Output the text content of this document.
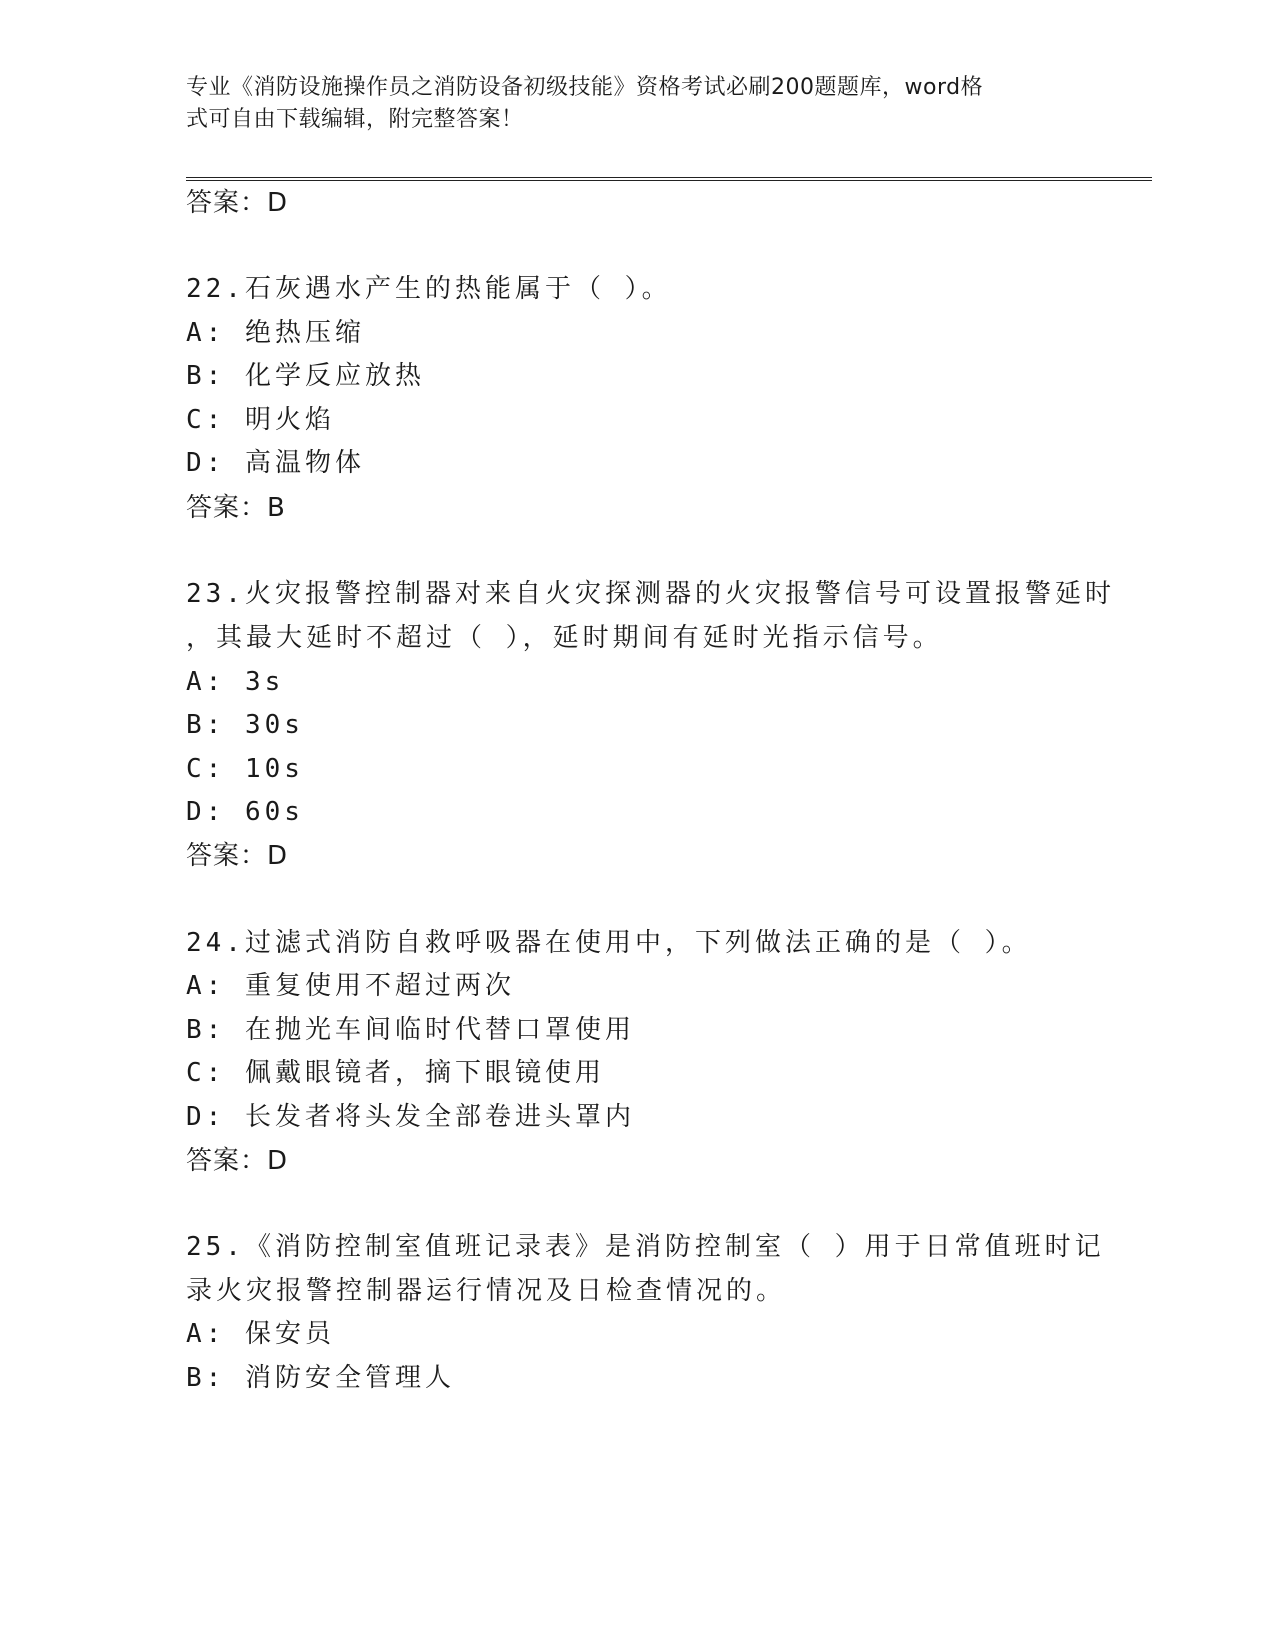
专业《消防设施操作员之消防设备初级技能》资格考试必刷200题题库，word格
式可自由下载编辑，附完整答案！
答案：D
22.石灰遇水产生的热能属于（ ）。
A: 绝热压缩
B: 化学反应放热
C: 明火焰
D: 高温物体
答案：B
23.火灾报警控制器对来自火灾探测器的火灾报警信号可设置报警延时
，其最大延时不超过（ ），延时期间有延时光指示信号。
A: 3s
B: 30s
C: 10s
D: 60s
答案：D
24.过滤式消防自救呼吸器在使用中，下列做法正确的是（ ）。
A: 重复使用不超过两次
B: 在抛光车间临时代替口罩使用
C: 佩戴眼镜者，摘下眼镜使用
D: 长发者将头发全部卷进头罩内
答案：D
25.《消防控制室值班记录表》是消防控制室（ ）用于日常值班时记
录火灾报警控制器运行情况及日检查情况的。
A: 保安员
B: 消防安全管理人
